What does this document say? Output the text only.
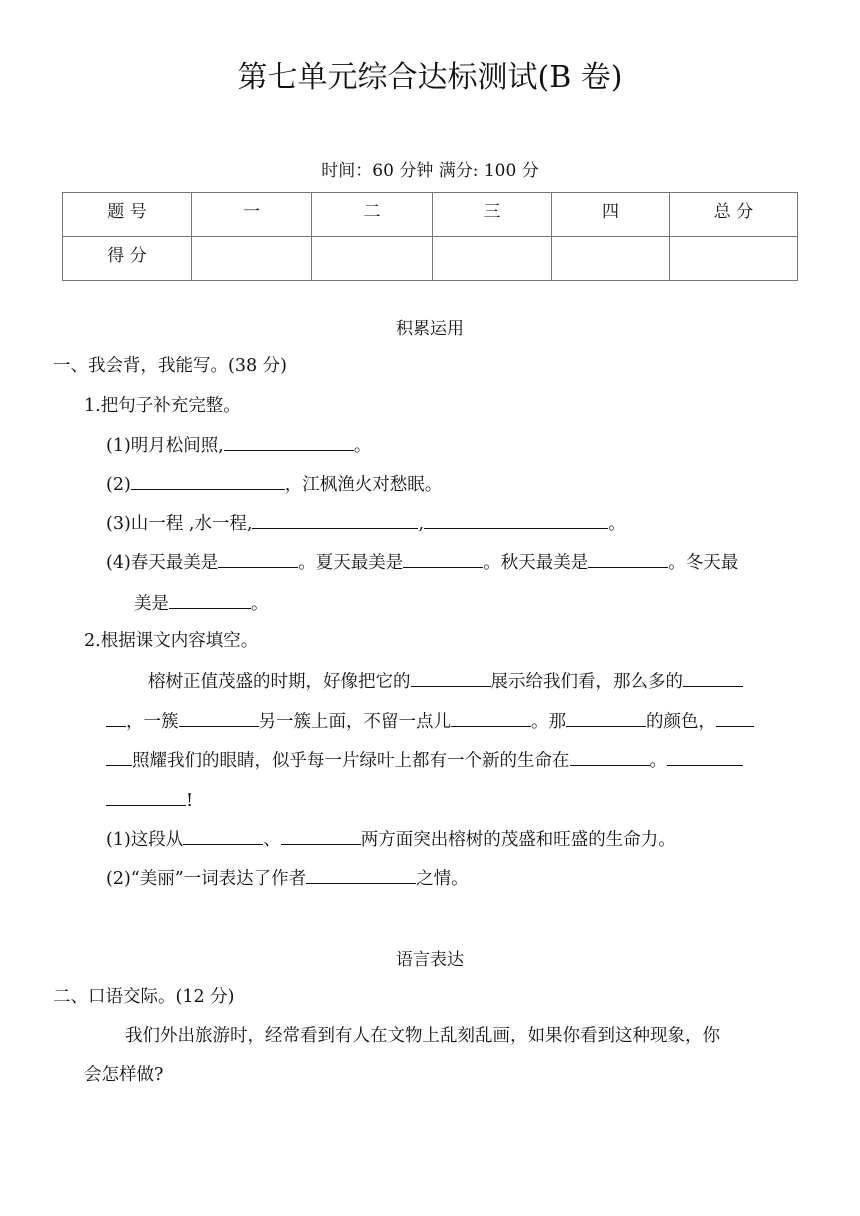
第七单元综合达标测试(B 卷)
时间：60 分钟 满分: 100 分
题 号	一	二	三	四	总 分
得 分					
积累运用
一、我会背，我能写。(38 分)
1.把句子补充完整。
(1)明月松间照,	。
(2)	，江枫渔火对愁眠。
(3)山一程 ,水一程,	,	。
(4)春天最美是	。夏天最美是	。秋天最美是	。冬天最
美是	。
2.根据课文内容填空。
榕树正值茂盛的时期，好像把它的	展示给我们看，那么多的
，一簇	另一簇上面，不留一点儿	。那	的颜色，
照耀我们的眼睛，似乎每一片绿叶上都有一个新的生命在	。
!
(1)这段从	、	两方面突出榕树的茂盛和旺盛的生命力。
(2)“美丽”一词表达了作者	之情。
语言表达
二、口语交际。(12 分)
我们外出旅游时，经常看到有人在文物上乱刻乱画，如果你看到这种现象，你
会怎样做?
